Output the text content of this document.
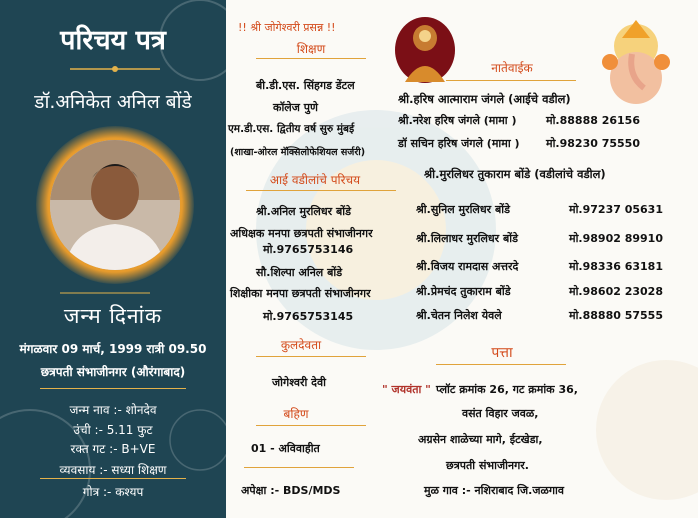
परिचय पत्र
डॉ.अनिकेत अनिल बोंडे
जन्म दिनांक
मंगळवार 09 मार्च, 1999 रात्री 09.50
छत्रपती संभाजीनगर (औरंगाबाद)
जन्म नाव :- शोनदेव
उंची :- 5.11 फुट
रक्त गट :- B+VE
व्यवसाय :- सध्या शिक्षण
गोत्र :- कश्यप
!! श्री जोगेश्वरी प्रसन्न !!
शिक्षण
बी.डी.एस. सिंहगड डेंटल
कॉलेज पुणे
एम.डी.एस. द्वितीय वर्ष सुरु मुंबई
(शाखा-ओरल मॅक्सिलोफेशियल सर्जरी)
आई वडीलांचे परिचय
श्री.अनिल मुरलिधर बोंडे
अधिक्षक मनपा छत्रपती संभाजीनगर
मो.9765753146
सौ.शिल्पा अनिल बोंडे
शिक्षीका मनपा छत्रपती संभाजीनगर
मो.9765753145
कुलदेवता
जोगेश्वरी देवी
बहिण
01 - अविवाहीत
अपेक्षा :- BDS/MDS
नातेवाईक
श्री.हरिष आत्माराम जंगले (आईचे वडील)
श्री.नरेश हरिष जंगले (मामा )	मो.88888 26156
डॉ सचिन हरिष जंगले (मामा ) मो.98230 75550
श्री.मुरलिधर तुकाराम बोंडे (वडीलांचे वडील)
श्री.सुनिल मुरलिधर बोंडे	मो.97237 05631
श्री.लिलाधर मुरलिधर बोंडे	मो.98902 89910
श्री.विजय रामदास अत्तरदे	मो.98336 63181
श्री.प्रेमचंद तुकाराम बोंडे	मो.98602 23028
श्री.चेतन निलेश येवले	मो.88880 57555
पत्ता
" जयवंता " प्लॉट क्रमांक 26, गट क्रमांक 36,
वसंत विहार जवळ,
अग्रसेन शाळेच्या मागे, ईटखेडा,
छत्रपती संभाजीनगर.
मुळ गाव :- नशिराबाद जि.जळगाव
